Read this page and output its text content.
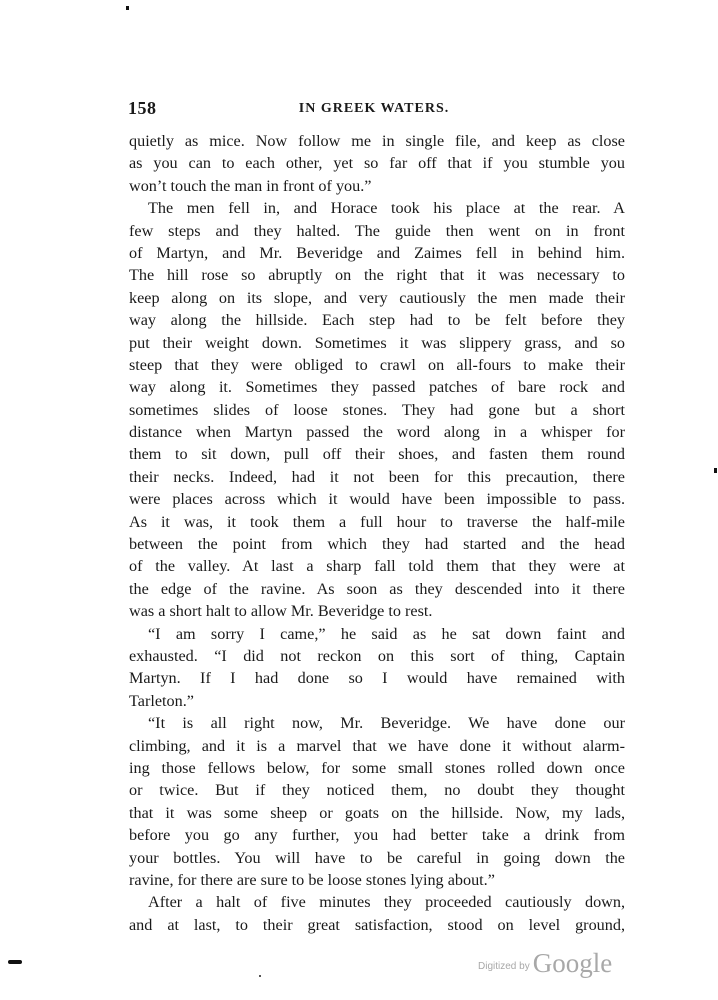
158	IN GREEK WATERS.
quietly as mice. Now follow me in single file, and keep as close
as you can to each other, yet so far off that if you stumble you
won’t touch the man in front of you.”
The men fell in, and Horace took his place at the rear. A
few steps and they halted. The guide then went on in front
of Martyn, and Mr. Beveridge and Zaimes fell in behind him.
The hill rose so abruptly on the right that it was necessary to
keep along on its slope, and very cautiously the men made their
way along the hillside. Each step had to be felt before they
put their weight down. Sometimes it was slippery grass, and so
steep that they were obliged to crawl on all-fours to make their
way along it. Sometimes they passed patches of bare rock and
sometimes slides of loose stones. They had gone but a short
distance when Martyn passed the word along in a whisper for
them to sit down, pull off their shoes, and fasten them round
their necks. Indeed, had it not been for this precaution, there
were places across which it would have been impossible to pass.
As it was, it took them a full hour to traverse the half-mile
between the point from which they had started and the head
of the valley. At last a sharp fall told them that they were at
the edge of the ravine. As soon as they descended into it there
was a short halt to allow Mr. Beveridge to rest.
“I am sorry I came,” he said as he sat down faint and
exhausted. “I did not reckon on this sort of thing, Captain
Martyn. If I had done so I would have remained with
Tarleton.”
“It is all right now, Mr. Beveridge. We have done our
climbing, and it is a marvel that we have done it without alarm-
ing those fellows below, for some small stones rolled down once
or twice. But if they noticed them, no doubt they thought
that it was some sheep or goats on the hillside. Now, my lads,
before you go any further, you had better take a drink from
your bottles. You will have to be careful in going down the
ravine, for there are sure to be loose stones lying about.”
After a halt of five minutes they proceeded cautiously down,
and at last, to their great satisfaction, stood on level ground,
Digitized by Google
